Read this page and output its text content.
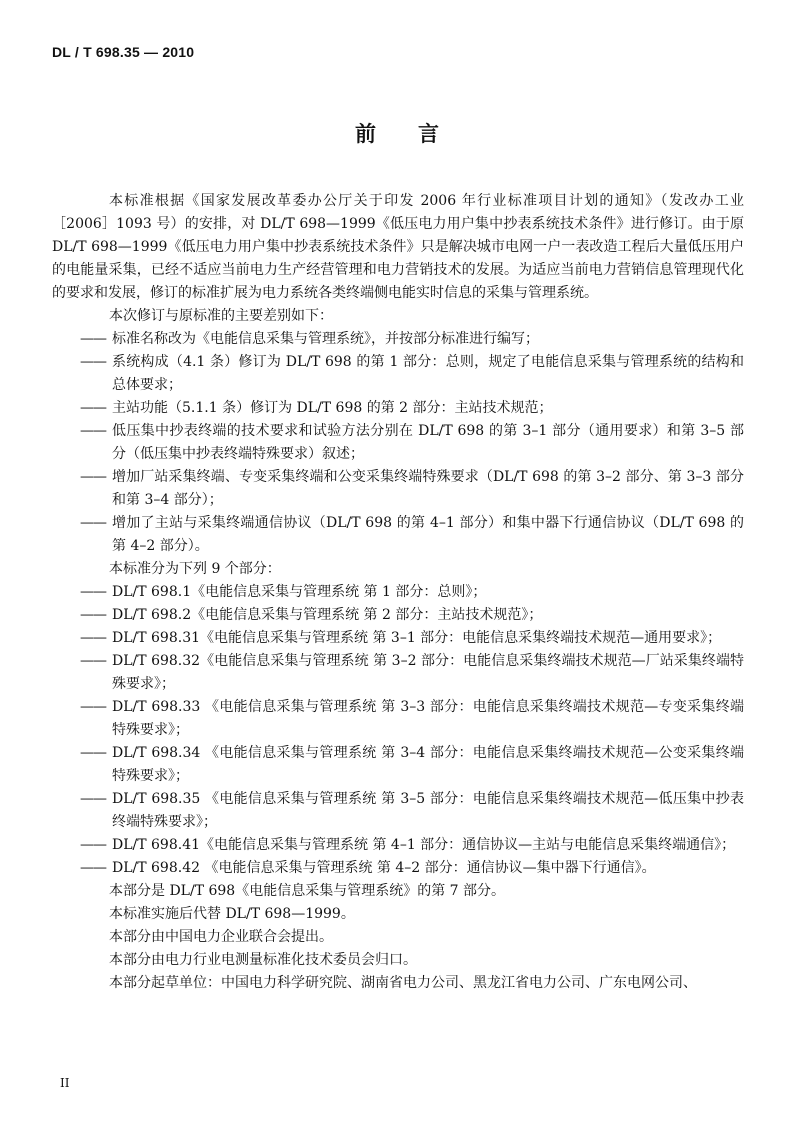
DL / T 698.35 — 2010
前 言

本标准根据《国家发展改革委办公厅关于印发 2006 年行业标准项目计划的通知》（发改办工业［2006］1093 号）的安排，对 DL/T 698—1999《低压电力用户集中抄表系统技术条件》进行修订。由于原 DL/T 698—1999《低压电力用户集中抄表系统技术条件》只是解决城市电网一户一表改造工程后大量低压用户的电能量采集，已经不适应当前电力生产经营管理和电力营销技术的发展。为适应当前电力营销信息管理现代化的要求和发展，修订的标准扩展为电力系统各类终端侧电能实时信息的采集与管理系统。

本次修订与原标准的主要差别如下：

—— 标准名称改为《电能信息采集与管理系统》，并按部分标准进行编写；

—— 系统构成（4.1 条）修订为 DL/T 698 的第 1 部分：总则，规定了电能信息采集与管理系统的结构和总体要求；

—— 主站功能（5.1.1 条）修订为 DL/T 698 的第 2 部分：主站技术规范；

—— 低压集中抄表终端的技术要求和试验方法分别在 DL/T 698 的第 3–1 部分（通用要求）和第 3–5 部分（低压集中抄表终端特殊要求）叙述；

—— 增加厂站采集终端、专变采集终端和公变采集终端特殊要求（DL/T 698 的第 3–2 部分、第 3–3 部分和第 3–4 部分）；

—— 增加了主站与采集终端通信协议（DL/T 698 的第 4–1 部分）和集中器下行通信协议（DL/T 698 的第 4–2 部分）。

本标准分为下列 9 个部分：

—— DL/T 698.1《电能信息采集与管理系统 第 1 部分：总则》；

—— DL/T 698.2《电能信息采集与管理系统 第 2 部分：主站技术规范》；

—— DL/T 698.31《电能信息采集与管理系统 第 3–1 部分：电能信息采集终端技术规范—通用要求》；

—— DL/T 698.32《电能信息采集与管理系统 第 3–2 部分：电能信息采集终端技术规范—厂站采集终端特殊要求》；

—— DL/T 698.33 《电能信息采集与管理系统 第 3–3 部分：电能信息采集终端技术规范—专变采集终端特殊要求》；

—— DL/T 698.34 《电能信息采集与管理系统 第 3–4 部分：电能信息采集终端技术规范—公变采集终端特殊要求》；

—— DL/T 698.35 《电能信息采集与管理系统 第 3–5 部分：电能信息采集终端技术规范—低压集中抄表终端特殊要求》；

—— DL/T 698.41《电能信息采集与管理系统 第 4–1 部分：通信协议—主站与电能信息采集终端通信》；

—— DL/T 698.42 《电能信息采集与管理系统 第 4–2 部分：通信协议—集中器下行通信》。

本部分是 DL/T 698《电能信息采集与管理系统》的第 7 部分。

本标准实施后代替 DL/T 698—1999。

本部分由中国电力企业联合会提出。

本部分由电力行业电测量标准化技术委员会归口。

本部分起草单位：中国电力科学研究院、湖南省电力公司、黑龙江省电力公司、广东电网公司、

II
